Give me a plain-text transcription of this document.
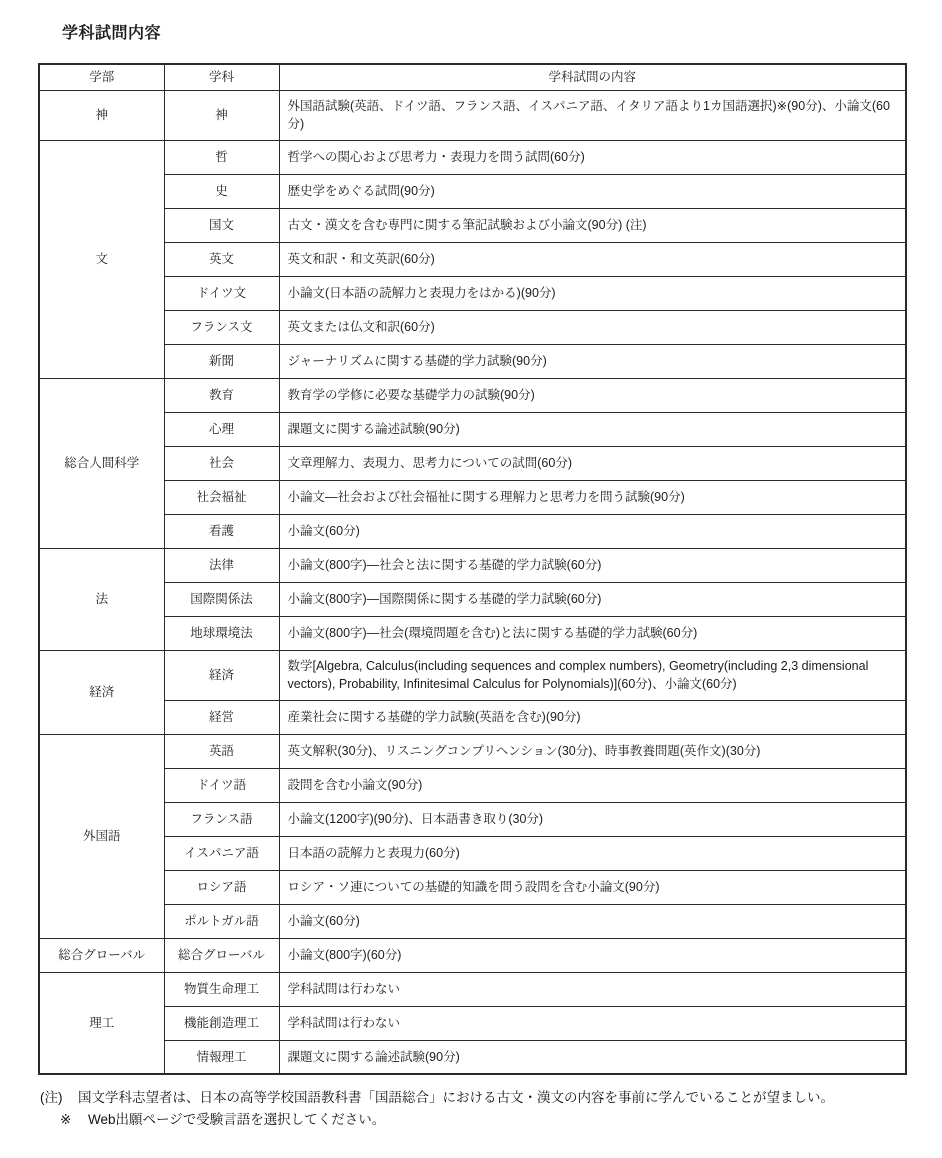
学科試問内容
学部	学科	学科試問の内容
神	神	外国語試験(英語、ドイツ語、フランス語、イスパニア語、イタリア語より1カ国語選択)※(90分)、小論文(60分)
文	哲	哲学への関心および思考力・表現力を問う試問(60分)
	史	歴史学をめぐる試問(90分)
	国文	古文・漢文を含む専門に関する筆記試験および小論文(90分) (注)
	英文	英文和訳・和文英訳(60分)
	ドイツ文	小論文(日本語の読解力と表現力をはかる)(90分)
	フランス文	英文または仏文和訳(60分)
	新聞	ジャーナリズムに関する基礎的学力試験(90分)
総合人間科学	教育	教育学の学修に必要な基礎学力の試験(90分)
	心理	課題文に関する論述試験(90分)
	社会	文章理解力、表現力、思考力についての試問(60分)
	社会福祉	小論文—社会および社会福祉に関する理解力と思考力を問う試験(90分)
	看護	小論文(60分)
法	法律	小論文(800字)—社会と法に関する基礎的学力試験(60分)
	国際関係法	小論文(800字)—国際関係に関する基礎的学力試験(60分)
	地球環境法	小論文(800字)—社会(環境問題を含む)と法に関する基礎的学力試験(60分)
経済	経済	数学[Algebra, Calculus(including sequences and complex numbers), Geometry(including 2,3 dimensional vectors), Probability, Infinitesimal Calculus for Polynomials)](60分)、小論文(60分)
	経営	産業社会に関する基礎的学力試験(英語を含む)(90分)
外国語	英語	英文解釈(30分)、リスニングコンプリヘンション(30分)、時事教養問題(英作文)(30分)
	ドイツ語	設問を含む小論文(90分)
	フランス語	小論文(1200字)(90分)、日本語書き取り(30分)
	イスパニア語	日本語の読解力と表現力(60分)
	ロシア語	ロシア・ソ連についての基礎的知識を問う設問を含む小論文(90分)
	ポルトガル語	小論文(60分)
総合グローバル	総合グローバル	小論文(800字)(60分)
理工	物質生命理工	学科試問は行わない
	機能創造理工	学科試問は行わない
	情報理工	課題文に関する論述試験(90分)
(注)	国文学科志望者は、日本の高等学校国語教科書「国語総合」における古文・漢文の内容を事前に学んでいることが望ましい。
※	Web出願ページで受験言語を選択してください。
